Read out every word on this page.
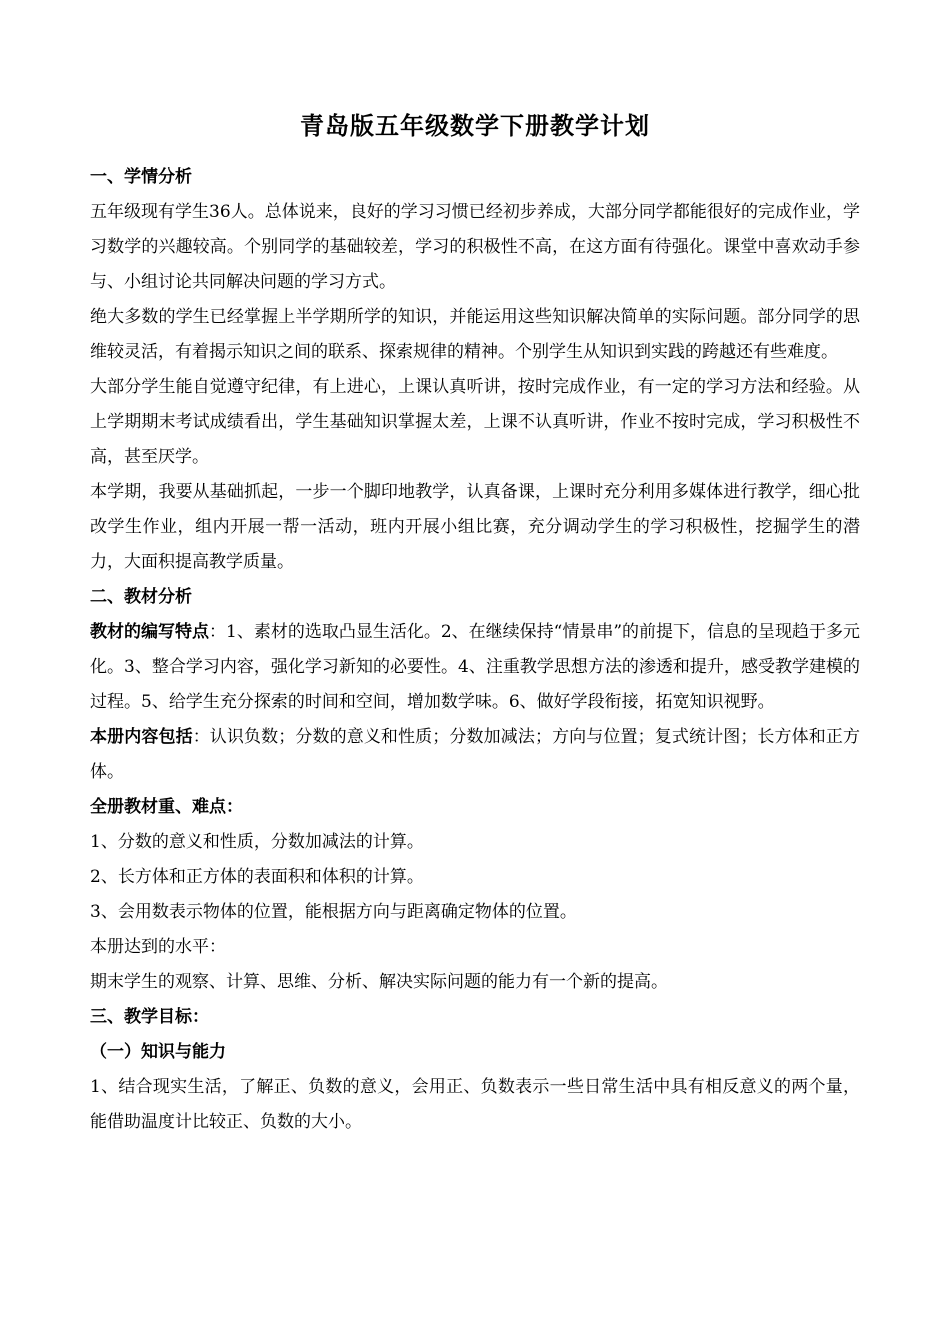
青岛版五年级数学下册教学计划
一、学情分析

五年级现有学生36人。总体说来，良好的学习习惯已经初步养成，大部分同学都能很好的完成作业，学习数学的兴趣较高。个别同学的基础较差，学习的积极性不高，在这方面有待强化。课堂中喜欢动手参与、小组讨论共同解决问题的学习方式。

绝大多数的学生已经掌握上半学期所学的知识，并能运用这些知识解决简单的实际问题。部分同学的思维较灵活，有着揭示知识之间的联系、探索规律的精神。个别学生从知识到实践的跨越还有些难度。

大部分学生能自觉遵守纪律，有上进心，上课认真听讲，按时完成作业，有一定的学习方法和经验。从上学期期末考试成绩看出，学生基础知识掌握太差，上课不认真听讲，作业不按时完成，学习积极性不高，甚至厌学。

本学期，我要从基础抓起，一步一个脚印地教学，认真备课，上课时充分利用多媒体进行教学，细心批改学生作业，组内开展一帮一活动，班内开展小组比赛，充分调动学生的学习积极性，挖掘学生的潜力，大面积提高教学质量。

二、教材分析

教材的编写特点：1、素材的选取凸显生活化。2、在继续保持“情景串”的前提下，信息的呈现趋于多元化。3、整合学习内容，强化学习新知的必要性。4、注重教学思想方法的渗透和提升，感受教学建模的过程。5、给学生充分探索的时间和空间，增加数学味。6、做好学段衔接，拓宽知识视野。

本册内容包括：认识负数；分数的意义和性质；分数加减法；方向与位置；复式统计图；长方体和正方体。

全册教材重、难点：

1、分数的意义和性质，分数加减法的计算。

2、长方体和正方体的表面积和体积的计算。

3、会用数表示物体的位置，能根据方向与距离确定物体的位置。

本册达到的水平：

期末学生的观察、计算、思维、分析、解决实际问题的能力有一个新的提高。

三、教学目标：
（一）知识与能力

1、结合现实生活，了解正、负数的意义，会用正、负数表示一些日常生活中具有相反意义的两个量，能借助温度计比较正、负数的大小。
